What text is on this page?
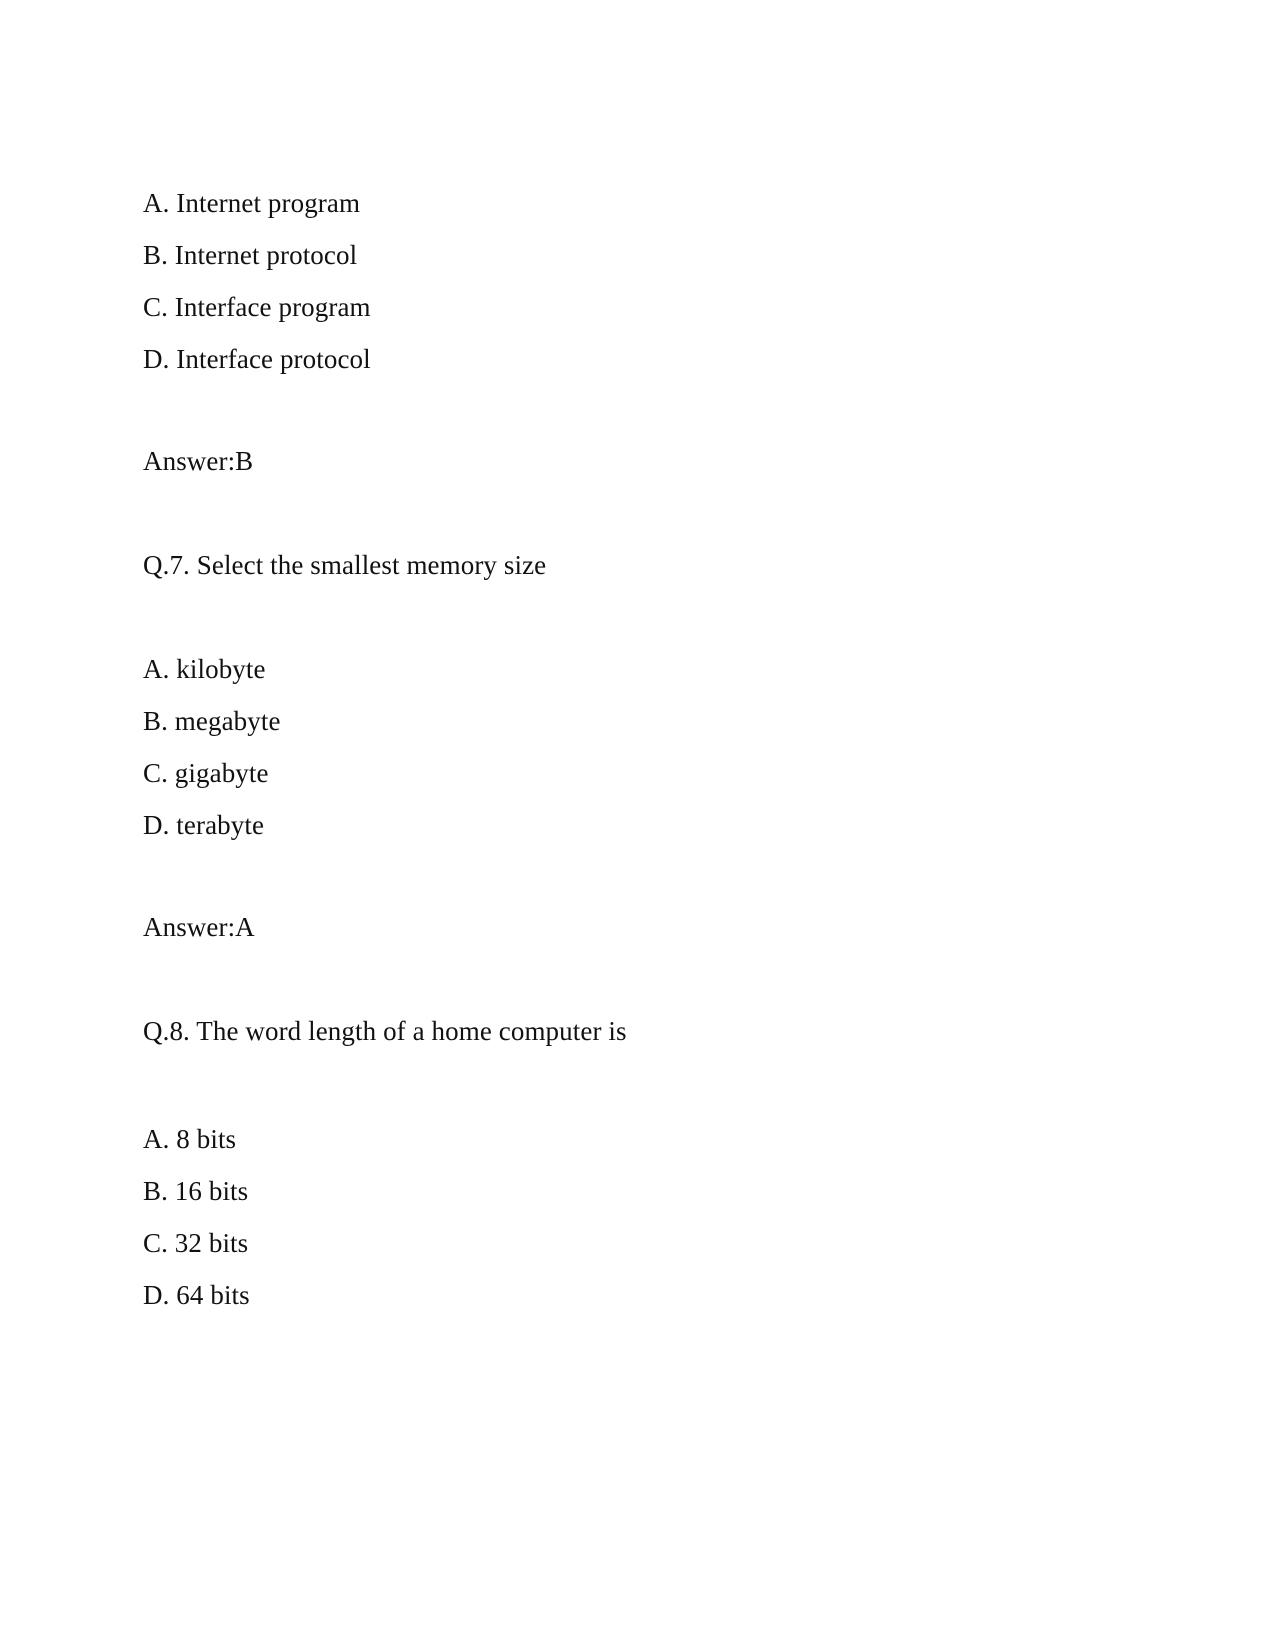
A. Internet program
B. Internet protocol
C. Interface program
D. Interface protocol
Answer:B
Q.7. Select the smallest memory size
A. kilobyte
B. megabyte
C. gigabyte
D. terabyte
Answer:A
Q.8. The word length of a home computer is
A. 8 bits
B. 16 bits
C. 32 bits
D. 64 bits
